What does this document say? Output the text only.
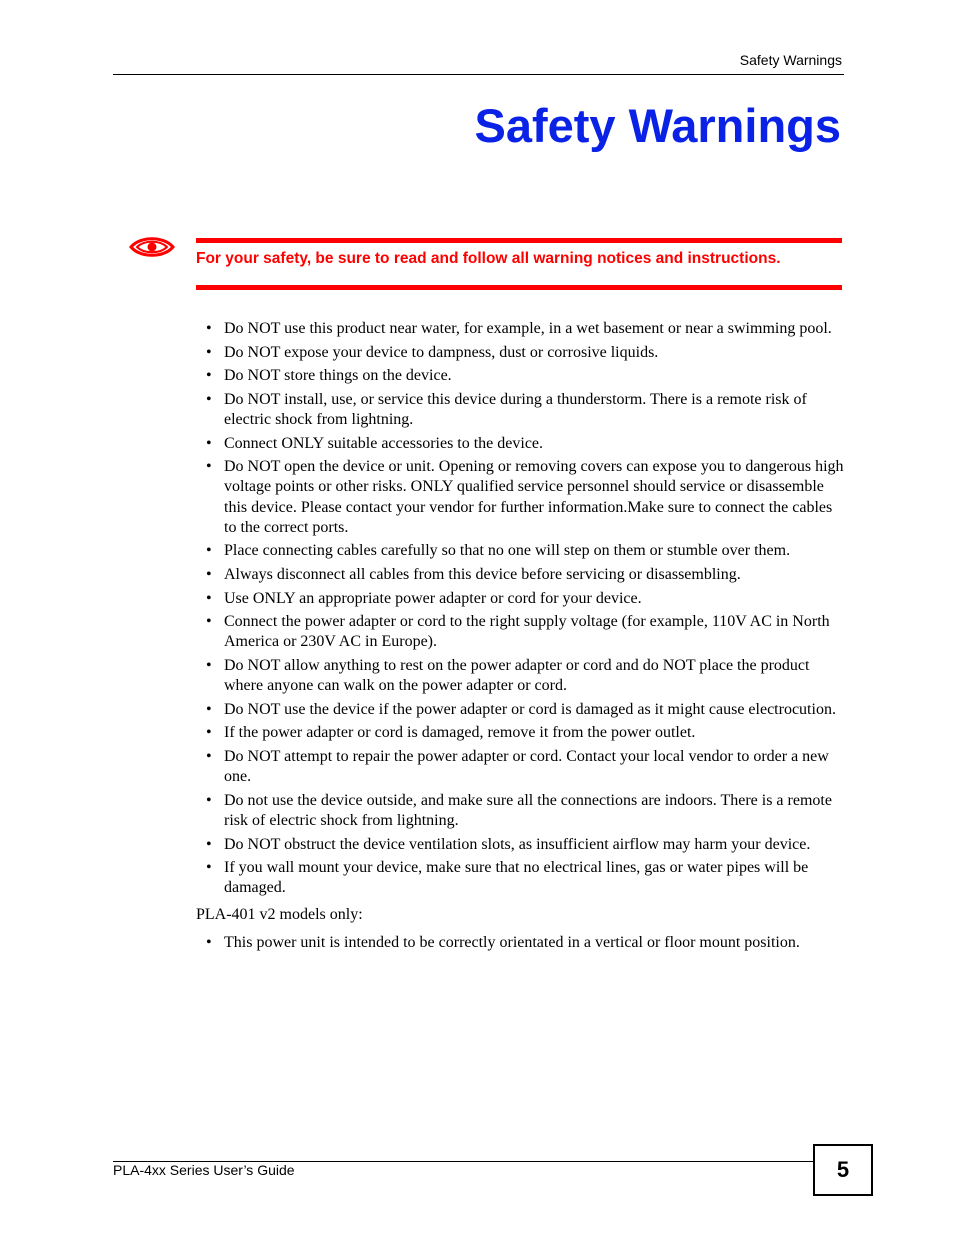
Safety Warnings
Safety Warnings
For your safety, be sure to read and follow all warning notices and instructions.
• Do NOT use this product near water, for example, in a wet basement or near a swimming pool.
• Do NOT expose your device to dampness, dust or corrosive liquids.
• Do NOT store things on the device.
• Do NOT install, use, or service this device during a thunderstorm. There is a remote risk of electric shock from lightning.
• Connect ONLY suitable accessories to the device.
• Do NOT open the device or unit. Opening or removing covers can expose you to dangerous high voltage points or other risks. ONLY qualified service personnel should service or disassemble this device. Please contact your vendor for further information.Make sure to connect the cables to the correct ports.
• Place connecting cables carefully so that no one will step on them or stumble over them.
• Always disconnect all cables from this device before servicing or disassembling.
• Use ONLY an appropriate power adapter or cord for your device.
• Connect the power adapter or cord to the right supply voltage (for example, 110V AC in North America or 230V AC in Europe).
• Do NOT allow anything to rest on the power adapter or cord and do NOT place the product where anyone can walk on the power adapter or cord.
• Do NOT use the device if the power adapter or cord is damaged as it might cause electrocution.
• If the power adapter or cord is damaged, remove it from the power outlet.
• Do NOT attempt to repair the power adapter or cord. Contact your local vendor to order a new one.
• Do not use the device outside, and make sure all the connections are indoors. There is a remote risk of electric shock from lightning.
• Do NOT obstruct the device ventilation slots, as insufficient airflow may harm your device.
• If you wall mount your device, make sure that no electrical lines, gas or water pipes will be damaged.

PLA-401 v2 models only:

• This power unit is intended to be correctly orientated in a vertical or floor mount position.
PLA-4xx Series User’s Guide	5
